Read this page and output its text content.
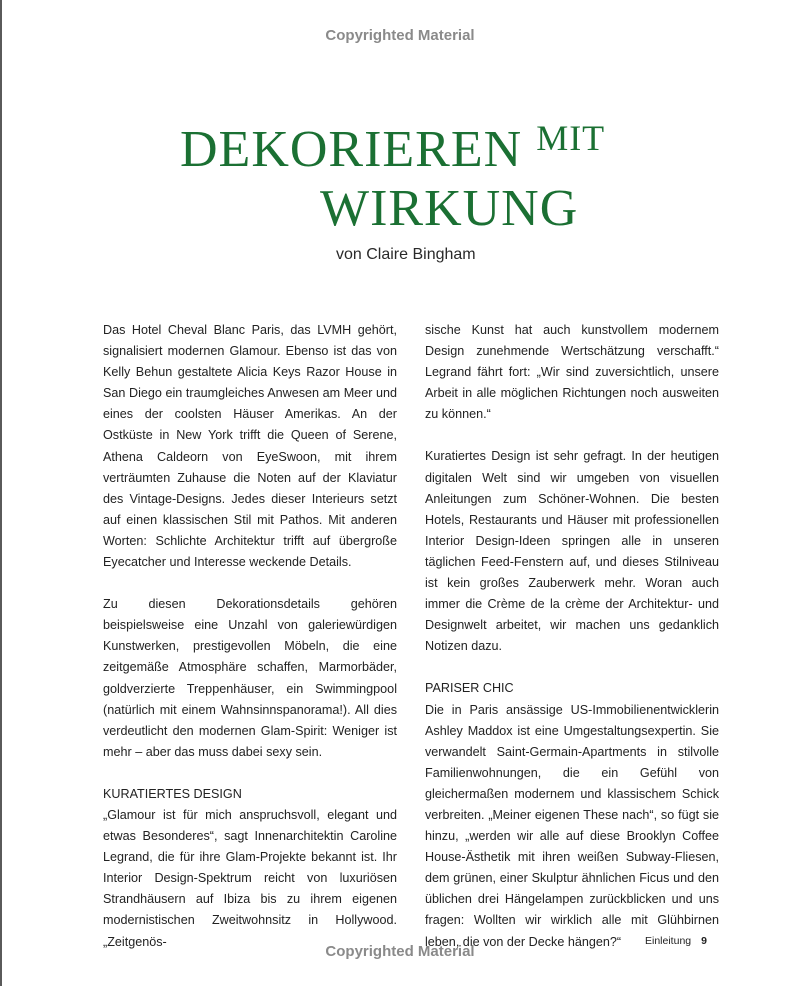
Copyrighted Material
DEKORIEREN $^{MIT}$
WIRKUNG
von Claire Bingham

Das Hotel Cheval Blanc Paris, das LVMH gehört, signalisiert modernen Glamour. Ebenso ist das von Kelly Behun gestaltete Alicia Keys Razor House in San Diego ein traumgleiches Anwesen am Meer und eines der coolsten Häuser Amerikas. An der Ostküste in New York trifft die Queen of Serene, Athena Caldeorn von EyeSwoon, mit ihrem verträumten Zuhause die Noten auf der Klaviatur des Vintage-Designs. Jedes dieser Interieurs setzt auf einen klassischen Stil mit Pathos. Mit anderen Worten: Schlichte Architektur trifft auf übergroße Eyecatcher und Interesse weckende Details.

Zu diesen Dekorationsdetails gehören beispielsweise eine Unzahl von galeriewürdigen Kunstwerken, prestigevollen Möbeln, die eine zeitgemäße Atmosphäre schaffen, Marmorbäder, goldverzierte Treppenhäuser, ein Swimmingpool (natürlich mit einem Wahnsinnspanorama!). All dies verdeutlicht den modernen Glam-Spirit: Weniger ist mehr – aber das muss dabei sexy sein.

KURATIERTES DESIGN

„Glamour ist für mich anspruchsvoll, elegant und etwas Besonderes“, sagt Innenarchitektin Caroline Legrand, die für ihre Glam-Projekte bekannt ist. Ihr Interior Design-Spektrum reicht von luxuriösen Strandhäusern auf Ibiza bis zu ihrem eigenen modernistischen Zweitwohnsitz in Hollywood. „Zeitgenös-

sische Kunst hat auch kunstvollem modernem Design zunehmende Wertschätzung verschafft.“ Legrand fährt fort: „Wir sind zuversichtlich, unsere Arbeit in alle möglichen Richtungen noch ausweiten zu können.“

Kuratiertes Design ist sehr gefragt. In der heutigen digitalen Welt sind wir umgeben von visuellen Anleitungen zum Schöner-Wohnen. Die besten Hotels, Restaurants und Häuser mit professionellen Interior Design-Ideen springen alle in unseren täglichen Feed-Fenstern auf, und dieses Stilniveau ist kein großes Zauberwerk mehr. Woran auch immer die Crème de la crème der Architektur- und Designwelt arbeitet, wir machen uns gedanklich Notizen dazu.

PARISER CHIC

Die in Paris ansässige US-Immobilienentwicklerin Ashley Maddox ist eine Umgestaltungsexpertin. Sie verwandelt Saint-Germain-Apartments in stilvolle Familienwohnungen, die ein Gefühl von gleichermaßen modernem und klassischem Schick verbreiten. „Meiner eigenen These nach“, so fügt sie hinzu, „werden wir alle auf diese Brooklyn Coffee House-Ästhetik mit ihren weißen Subway-Fliesen, dem grünen, einer Skulptur ähnlichen Ficus und den üblichen drei Hängelampen zurückblicken und uns fragen: Wollten wir wirklich alle mit Glühbirnen leben, die von der Decke hängen?“

Copyrighted Material
Einleitung 9
